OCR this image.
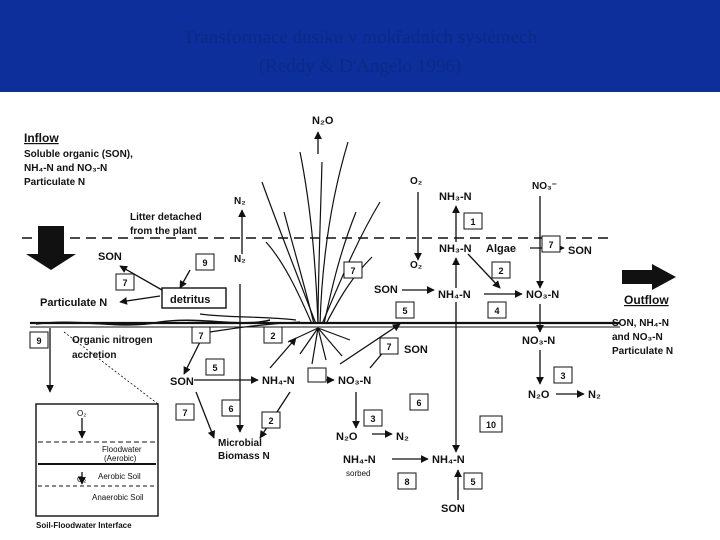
Transformace dusíku v mokřadních systémech
(Reddy & D'Angelo 1996)
Inflow
Soluble organic (SON),
NH₄-N and NO₃-N
Particulate N
Litter detached
from the plant
Outflow
SON, NH₄-N
and NO₃-N
Particulate N
N₂O
N₂
N₂
O₂
O₂
NO₃⁻
NH₃-N
NH₃-N Algae	SON
SON
Particulate N	detritus
SON	NH₄-N	NO₃-N
Organic nitrogen
accretion
NO₃-N
SON
SON	NH₄-N	NO₃-N
N₂O	N₂
N₂O	N₂
Microbial
Biomass N	NH₄-N
sorbed
NH₄-N
SON
1
2
7
7
9
7
5	4
9	7	2
7
5
3
7	6
2	3
6
10
8	5
O₂
O₂
Floodwater
(Aerobic)
Aerobic Soil
Anaerobic Soil
Soil-Floodwater Interface
